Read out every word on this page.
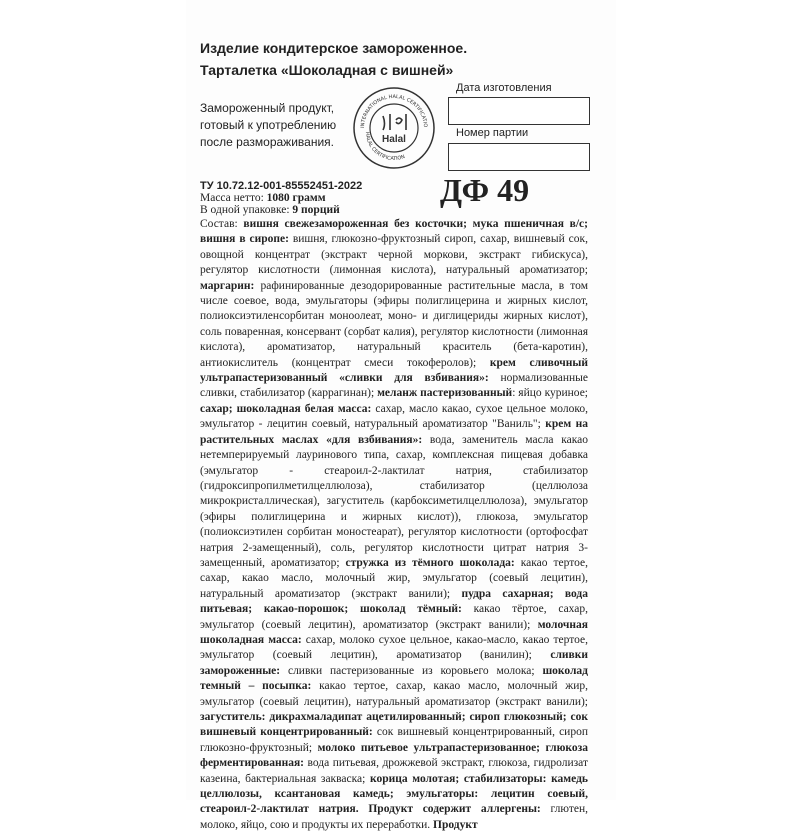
Изделие кондитерское замороженное.
Тарталетка «Шоколадная с вишней»
Дата изготовления
Номер партии
Замороженный продукт, готовый к употреблению после размораживания.
INTERNATIONAL HALAL CERTIFICATIO
HALAL CERTIFICATION
Halal
ТУ 10.72.12-001-85552451-2022 ДФ 49
Масса нетто: 1080 грамм
В одной упаковке: 9 порций
Состав: вишня свежезамороженная без косточки; мука пшеничная в/с; вишня в сиропе: вишня, глюкозно-фруктозный сироп, сахар, вишневый сок, овощной концентрат (экстракт черной моркови, экстракт гибискуса), регулятор кислотности (лимонная кислота), натуральный ароматизатор; маргарин: рафинированные дезодорированные растительные масла, в том числе соевое, вода, эмульгаторы (эфиры полиглицерина и жирных кислот, полиоксиэтиленсорбитан моноолеат, моно- и диглицериды жирных кислот), соль поваренная, консервант (сорбат калия), регулятор кислотности (лимонная кислота), ароматизатор, натуральный краситель (бета-каротин), антиокислитель (концентрат смеси токоферолов); крем сливочный ультрапастеризованный «сливки для взбивания»: нормализованные сливки, стабилизатор (каррагинан); меланж пастеризованный: яйцо куриное; сахар; шоколадная белая масса: сахар, масло какао, сухое цельное молоко, эмульгатор - лецитин соевый, натуральный ароматизатор "Ваниль"; крем на растительных маслах «для взбивания»: вода, заменитель масла какао нетемперируемый лауринового типа, сахар, комплексная пищевая добавка (эмульгатор - стеароил-2-лактилат натрия, стабилизатор (гидроксипропилметилцеллюлоза), стабилизатор (целлюлоза микрокристаллическая), загуститель (карбоксиметилцеллюлоза), эмульгатор (эфиры полиглицерина и жирных кислот)), глюкоза, эмульгатор (полиоксиэтилен сорбитан моностеарат), регулятор кислотности (ортофосфат натрия 2-замещенный), соль, регулятор кислотности цитрат натрия 3-замещенный, ароматизатор; стружка из тёмного шоколада: какао тертое, сахар, какао масло, молочный жир, эмульгатор (соевый лецитин), натуральный ароматизатор (экстракт ванили); пудра сахарная; вода питьевая; какао-порошок; шоколад тёмный: какао тёртое, сахар, эмульгатор (соевый лецитин), ароматизатор (экстракт ванили); молочная шоколадная масса: сахар, молоко сухое цельное, какао-масло, какао тертое, эмульгатор (соевый лецитин), ароматизатор (ванилин); сливки замороженные: сливки пастеризованные из коровьего молока; шоколад темный – посыпка: какао тертое, сахар, какао масло, молочный жир, эмульгатор (соевый лецитин), натуральный ароматизатор (экстракт ванили); загуститель: дикрахмаладипат ацетилированный; сироп глюкозный; сок вишневый концентрированный: сок вишневый концентрированный, сироп глюкозно-фруктозный; молоко питьевое ультрапастеризованное; глюкоза ферментированная: вода питьевая, дрожжевой экстракт, глюкоза, гидролизат казеина, бактериальная закваска; корица молотая; стабилизаторы: камедь целлюлозы, ксантановая камедь; эмульгаторы: лецитин соевый, стеароил-2-лактилат натрия. Продукт содержит аллергены: глютен, молоко, яйцо, сою и продукты их переработки. Продукт
